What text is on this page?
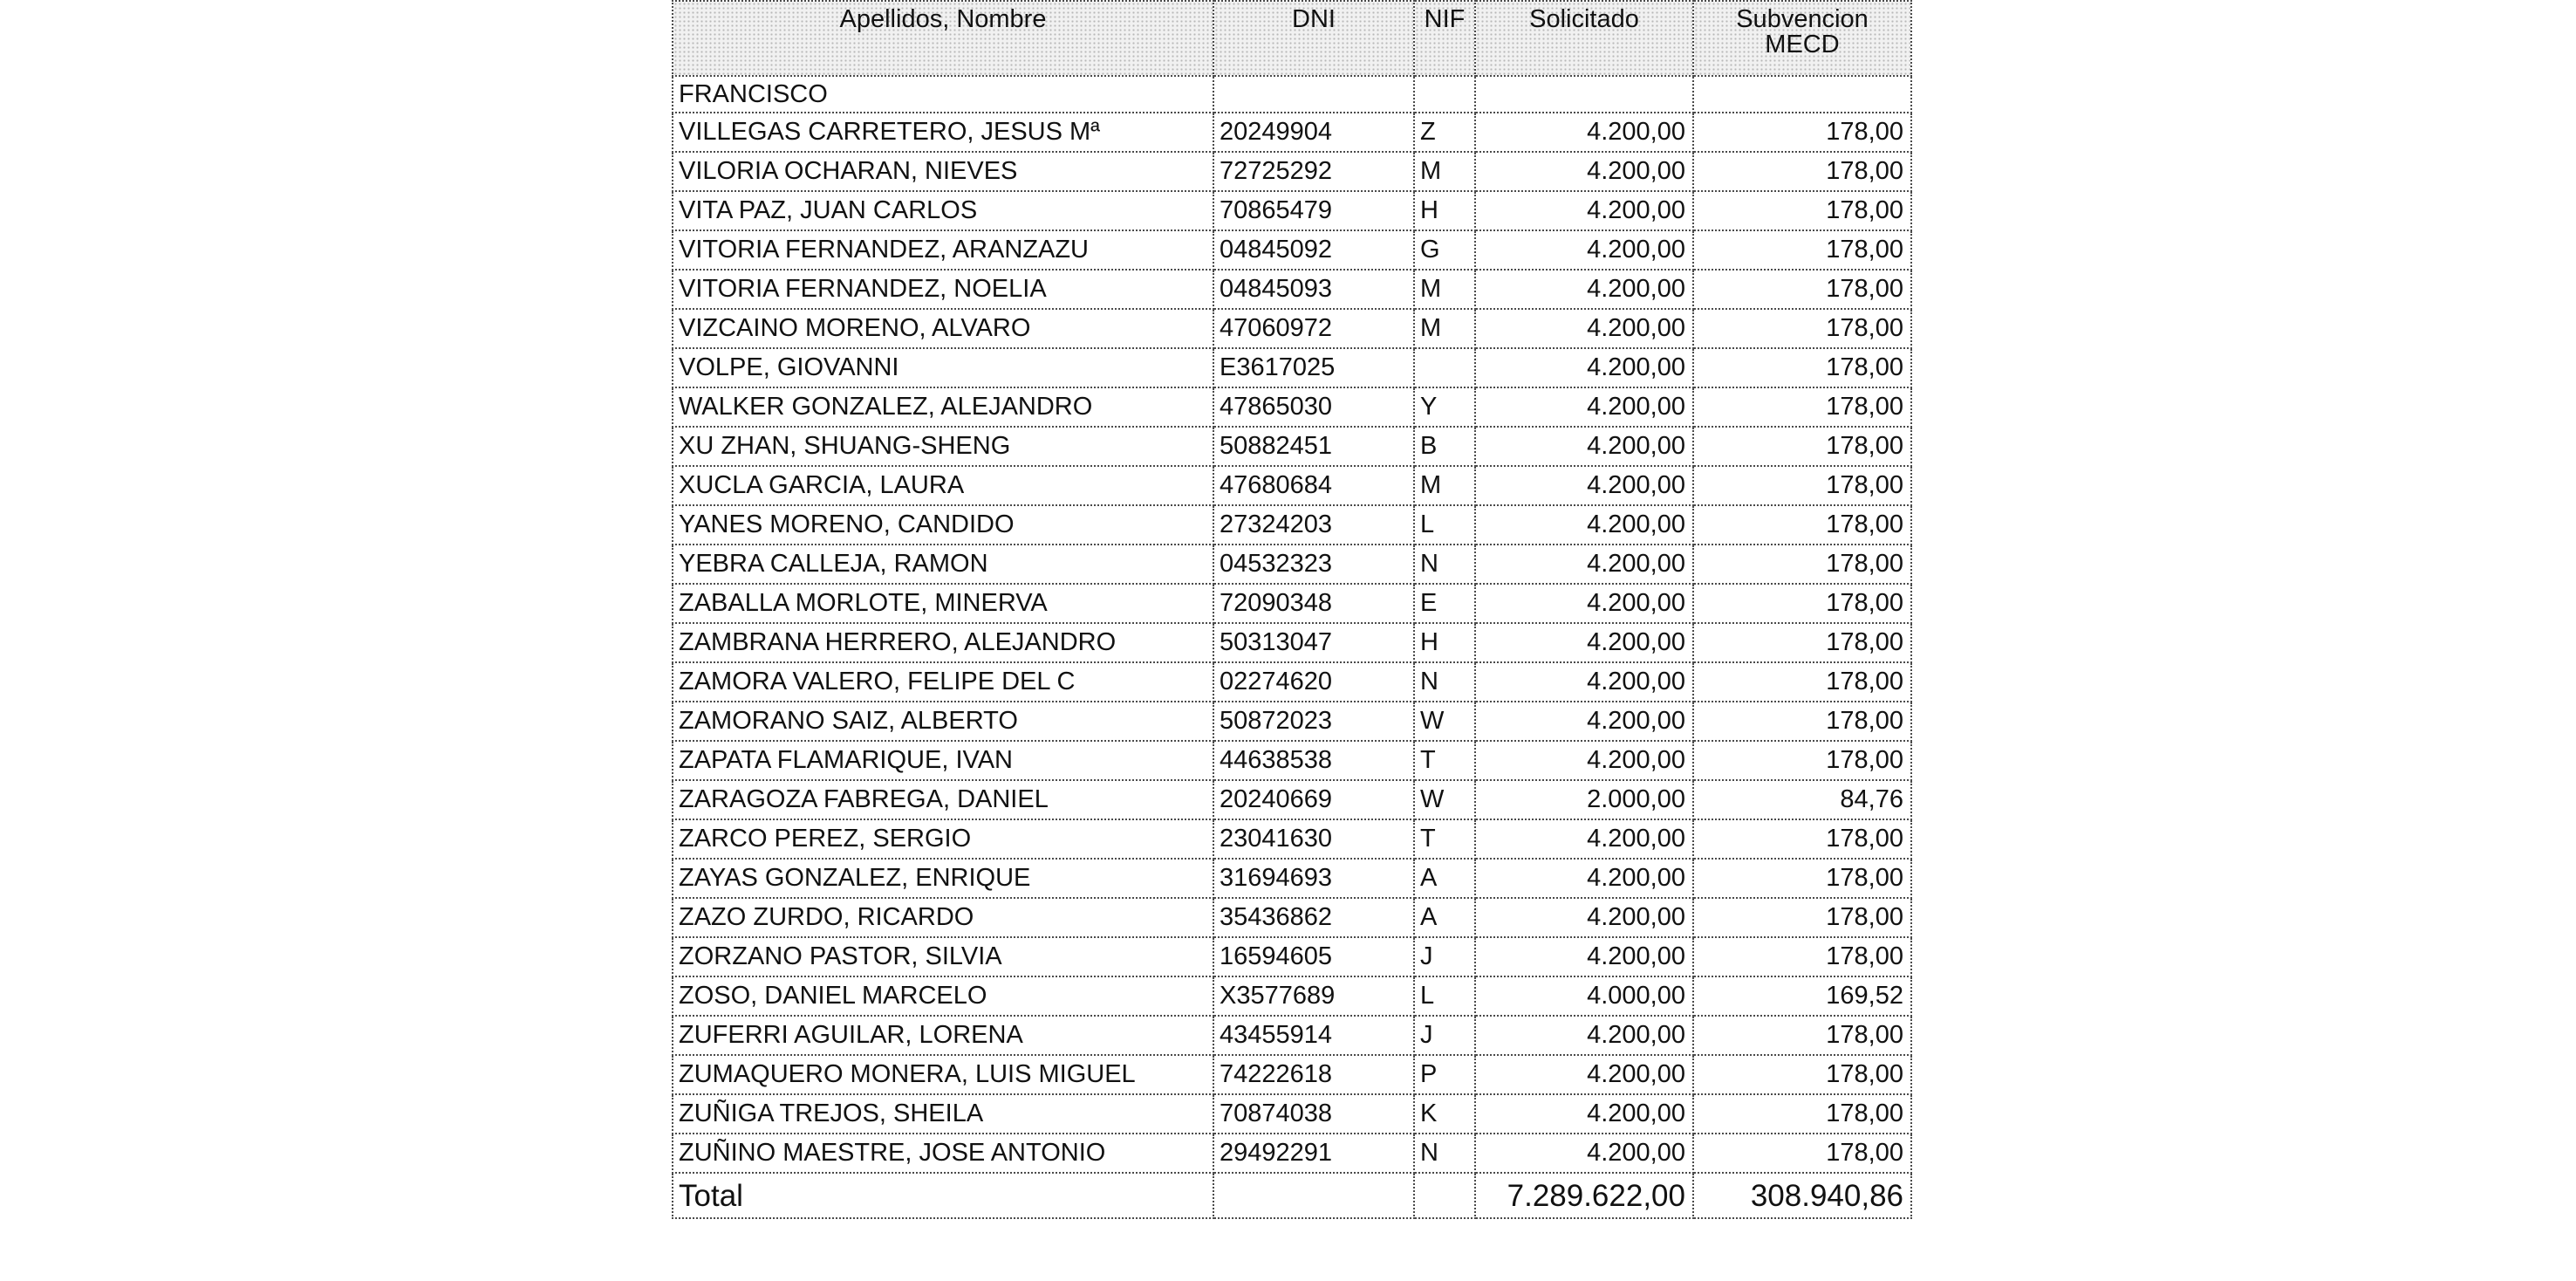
Apellidos, Nombre	DNI	NIF	Solicitado	Subvencion MECD
FRANCISCO				
VILLEGAS CARRETERO, JESUS Mª	20249904	Z	4.200,00	178,00
VILORIA OCHARAN, NIEVES	72725292	M	4.200,00	178,00
VITA PAZ, JUAN CARLOS	70865479	H	4.200,00	178,00
VITORIA FERNANDEZ, ARANZAZU	04845092	G	4.200,00	178,00
VITORIA FERNANDEZ, NOELIA	04845093	M	4.200,00	178,00
VIZCAINO MORENO, ALVARO	47060972	M	4.200,00	178,00
VOLPE, GIOVANNI	E3617025		4.200,00	178,00
WALKER GONZALEZ, ALEJANDRO	47865030	Y	4.200,00	178,00
XU ZHAN, SHUANG-SHENG	50882451	B	4.200,00	178,00
XUCLA GARCIA, LAURA	47680684	M	4.200,00	178,00
YANES MORENO, CANDIDO	27324203	L	4.200,00	178,00
YEBRA CALLEJA, RAMON	04532323	N	4.200,00	178,00
ZABALLA MORLOTE, MINERVA	72090348	E	4.200,00	178,00
ZAMBRANA HERRERO, ALEJANDRO	50313047	H	4.200,00	178,00
ZAMORA VALERO, FELIPE DEL C	02274620	N	4.200,00	178,00
ZAMORANO SAIZ, ALBERTO	50872023	W	4.200,00	178,00
ZAPATA FLAMARIQUE, IVAN	44638538	T	4.200,00	178,00
ZARAGOZA FABREGA, DANIEL	20240669	W	2.000,00	84,76
ZARCO PEREZ, SERGIO	23041630	T	4.200,00	178,00
ZAYAS GONZALEZ, ENRIQUE	31694693	A	4.200,00	178,00
ZAZO ZURDO, RICARDO	35436862	A	4.200,00	178,00
ZORZANO PASTOR, SILVIA	16594605	J	4.200,00	178,00
ZOSO, DANIEL MARCELO	X3577689	L	4.000,00	169,52
ZUFERRI AGUILAR, LORENA	43455914	J	4.200,00	178,00
ZUMAQUERO MONERA, LUIS MIGUEL	74222618	P	4.200,00	178,00
ZUÑIGA TREJOS, SHEILA	70874038	K	4.200,00	178,00
ZUÑINO MAESTRE, JOSE ANTONIO	29492291	N	4.200,00	178,00
Total			7.289.622,00	308.940,86
